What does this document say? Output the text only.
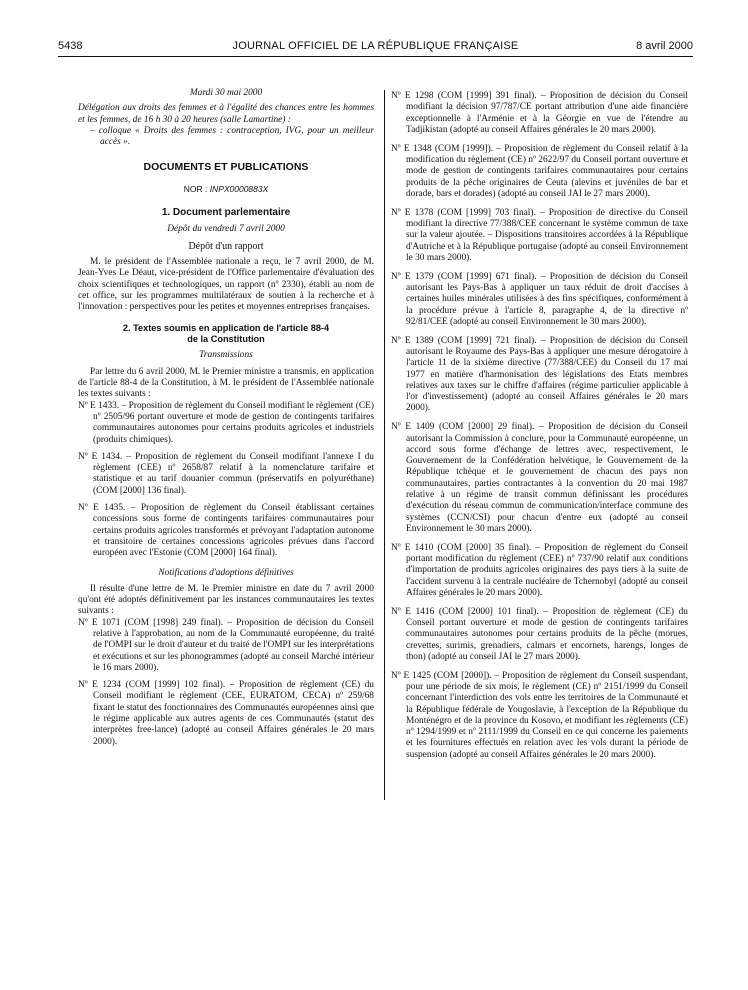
5438	JOURNAL OFFICIEL DE LA RÉPUBLIQUE FRANÇAISE	8 avril 2000

Mardi 30 mai 2000

Délégation aux droits des femmes et à l'égalité des chances entre les hommes et les femmes, de 16 h 30 à 20 heures (salle Lamartine) :

– colloque « Droits des femmes : contraception, IVG, pour un meilleur accès ».

DOCUMENTS ET PUBLICATIONS

NOR : INPX0000883X

1. Document parlementaire

Dépôt du vendredi 7 avril 2000

Dépôt d'un rapport

M. le président de l'Assemblée nationale a reçu, le 7 avril 2000, de M. Jean-Yves Le Déaut, vice-président de l'Office parlementaire d'évaluation des choix scientifiques et technologiques, un rapport (nº 2330), établi au nom de cet office, sur les programmes multilatéraux de soutien à la recherche et à l'innovation : perspectives pour les petites et moyennes entreprises françaises.

2. Textes soumis en application de l'article 88-4
de la Constitution

Transmissions

Par lettre du 6 avril 2000, M. le Premier ministre a transmis, en application de l'article 88-4 de la Constitution, à M. le président de l'Assemblée nationale les textes suivants :

Nº E 1433. – Proposition de règlement du Conseil modifiant le règlement (CE) nº 2505/96 portant ouverture et mode de gestion de contingents tarifaires communautaires autonomes pour certains produits agricoles et industriels (produits chimiques).

Nº E 1434. – Proposition de règlement du Conseil modifiant l'annexe I du règlement (CEE) nº 2658/87 relatif à la nomenclature tarifaire et statistique et au tarif douanier commun (préservatifs en polyuréthane) (COM [2000] 136 final).

Nº E 1435. – Proposition de règlement du Conseil établissant certaines concessions sous forme de contingents tarifaires communautaires pour certains produits agricoles transformés et prévoyant l'adaptation autonome et transitoire de certaines concessions agricoles prévues dans l'accord européen avec l'Estonie (COM [2000] 164 final).

Notifications d'adoptions définitives

Il résulte d'une lettre de M. le Premier ministre en date du 7 avril 2000 qu'ont été adoptés définitivement par les instances communautaires les textes suivants :

Nº E 1071 (COM [1998] 249 final). – Proposition de décision du Conseil relative à l'approbation, au nom de la Communauté européenne, du traité de l'OMPI sur le droit d'auteur et du traité de l'OMPI sur les interprétations et exécutions et sur les phonogrammes (adopté au conseil Marché intérieur le 16 mars 2000).

Nº E 1234 (COM [1999] 102 final). – Proposition de règlement (CE) du Conseil modifiant le règlement (CEE, EURATOM, CECA) nº 259/68 fixant le statut des fonctionnaires des Communautés européennes ainsi que le régime applicable aux autres agents de ces Communautés (statut des interprètes free-lance) (adopté au conseil Affaires générales le 20 mars 2000).

Nº E 1298 (COM [1999] 391 final). – Proposition de décision du Conseil modifiant la décision 97/787/CE portant attribution d'une aide financière exceptionnelle à l'Arménie et à la Géorgie en vue de l'étendre au Tadjikistan (adopté au conseil Affaires générales le 20 mars 2000).

Nº E 1348 (COM [1999]). – Proposition de règlement du Conseil relatif à la modification du règlement (CE) nº 2622/97 du Conseil portant ouverture et mode de gestion de contingents tarifaires communautaires pour certains produits de la pêche originaires de Ceuta (alevins et juvéniles de bar et dorade, bars et dorades) (adopté au conseil JAI le 27 mars 2000).

Nº E 1378 (COM [1999] 703 final). – Proposition de directive du Conseil modifiant la directive 77/388/CEE concernant le système commun de taxe sur la valeur ajoutée. – Dispositions transitoires accordées à la République d'Autriche et à la République portugaise (adopté au conseil Environnement le 30 mars 2000).

Nº E 1379 (COM [1999] 671 final). – Proposition de décision du Conseil autorisant les Pays-Bas à appliquer un taux réduit de droit d'accises à certaines huiles minérales utilisées à des fins spécifiques, conformément à la procédure prévue à l'article 8, paragraphe 4, de la directive nº 92/81/CEE (adopté au conseil Environnement le 30 mars 2000).

Nº E 1389 (COM [1999] 721 final). – Proposition de décision du Conseil autorisant le Royaume des Pays-Bas à appliquer une mesure dérogatoire à l'article 11 de la sixième directive (77/388/CEE) du Conseil du 17 mai 1977 en matière d'harmonisation des législations des Etats membres relatives aux taxes sur le chiffre d'affaires (régime particulier applicable à l'or d'investissement) (adopté au conseil Affaires générales le 20 mars 2000).

Nº E 1409 (COM [2000] 29 final). – Proposition de décision du Conseil autorisant la Commission à conclure, pour la Communauté européenne, un accord sous forme d'échange de lettres avec, respectivement, le Gouvernement de la Confédération helvétique, le Gouvernement de la République tchèque et le gouvernement de chacun des pays non communautaires, parties contractantes à la convention du 20 mai 1987 relative à un régime de transit commun définissant les procédures d'exécution du réseau commun de communication/interface commune des systèmes (CCN/CSI) pour chacun d'entre eux (adopté au conseil Environnement le 30 mars 2000).

Nº E 1410 (COM [2000] 35 final). – Proposition de règlement du Conseil portant modification du règlement (CEE) nº 737/90 relatif aux conditions d'importation de produits agricoles originaires des pays tiers à la suite de l'accident survenu à la centrale nucléaire de Tchernobyl (adopté au conseil Affaires générales le 20 mars 2000).

Nº E 1416 (COM [2000] 101 final). – Proposition de règlement (CE) du Conseil portant ouverture et mode de gestion de contingents tarifaires communautaires autonomes pour certains produits de la pêche (morues, crevettes, surimis, grenadiers, calmars et encornets, harengs, longes de thon) (adopté au conseil JAI le 27 mars 2000).

Nº E 1425 (COM [2000]). – Proposition de règlement du Conseil suspendant, pour une période de six mois, le règlement (CE) nº 2151/1999 du Conseil concernant l'interdiction des vols entre les territoires de la Communauté et la République fédérale de Yougoslavie, à l'exception de la République du Monténégro et de la province du Kosovo, et modifiant les règlements (CE) nº 1294/1999 et nº 2111/1999 du Conseil en ce qui concerne les paiements et les fournitures effectués en relation avec les vols durant la période de suspension (adopté au conseil Affaires générales le 20 mars 2000).
